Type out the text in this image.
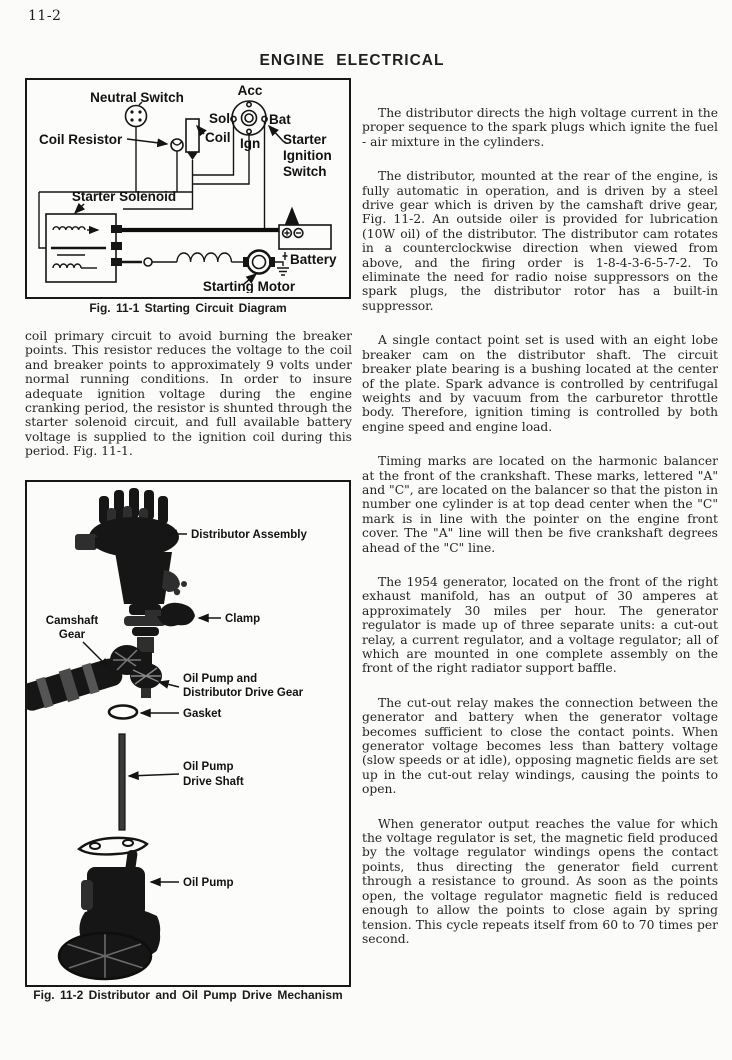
11-2
ENGINE ELECTRICAL
Neutral Switch	Acc
Sol	Bat
Coil Resistor	Coil Ign Starter
Ignition
Switch
Starter Solenoid
Battery
Starting Motor
Fig. 11-1 Starting Circuit Diagram

coil primary circuit to avoid burning the breaker points. This resistor reduces the voltage to the coil and breaker points to approximately 9 volts under normal running conditions. In order to insure adequate ignition voltage during the engine cranking period, the resistor is shunted through the starter solenoid circuit, and full available battery voltage is supplied to the ignition coil during this period. Fig. 11-1.

Distributor Assembly
Clamp
Camshaft
Gear
Oil Pump and
Distributor Drive Gear
Gasket
Oil Pump
Drive Shaft
Oil Pump
Fig. 11-2 Distributor and Oil Pump Drive Mechanism

The distributor directs the high voltage current in the proper sequence to the spark plugs which ignite the fuel - air mixture in the cylinders.

The distributor, mounted at the rear of the engine, is fully automatic in operation, and is driven by a steel drive gear which is driven by the camshaft drive gear, Fig. 11-2. An outside oiler is provided for lubrication (10W oil) of the distributor. The distributor cam rotates in a counterclockwise direction when viewed from above, and the firing order is 1-8-4-3-6-5-7-2. To eliminate the need for radio noise suppressors on the spark plugs, the distributor rotor has a built-in suppressor.

A single contact point set is used with an eight lobe breaker cam on the distributor shaft. The circuit breaker plate bearing is a bushing located at the center of the plate. Spark advance is controlled by centrifugal weights and by vacuum from the carburetor throttle body. Therefore, ignition timing is controlled by both engine speed and engine load.

Timing marks are located on the harmonic balancer at the front of the crankshaft. These marks, lettered "A" and "C", are located on the balancer so that the piston in number one cylinder is at top dead center when the "C" mark is in line with the pointer on the engine front cover. The "A" line will then be five crankshaft degrees ahead of the "C" line.

The 1954 generator, located on the front of the right exhaust manifold, has an output of 30 amperes at approximately 30 miles per hour. The generator regulator is made up of three separate units: a cut-out relay, a current regulator, and a voltage regulator; all of which are mounted in one complete assembly on the front of the right radiator support baffle.

The cut-out relay makes the connection between the generator and battery when the generator voltage becomes sufficient to close the contact points. When generator voltage becomes less than battery voltage (slow speeds or at idle), opposing magnetic fields are set up in the cut-out relay windings, causing the points to open.

When generator output reaches the value for which the voltage regulator is set, the magnetic field produced by the voltage regulator windings opens the contact points, thus directing the generator field current through a resistance to ground. As soon as the points open, the voltage regulator magnetic field is reduced enough to allow the points to close again by spring tension. This cycle repeats itself from 60 to 70 times per second.
